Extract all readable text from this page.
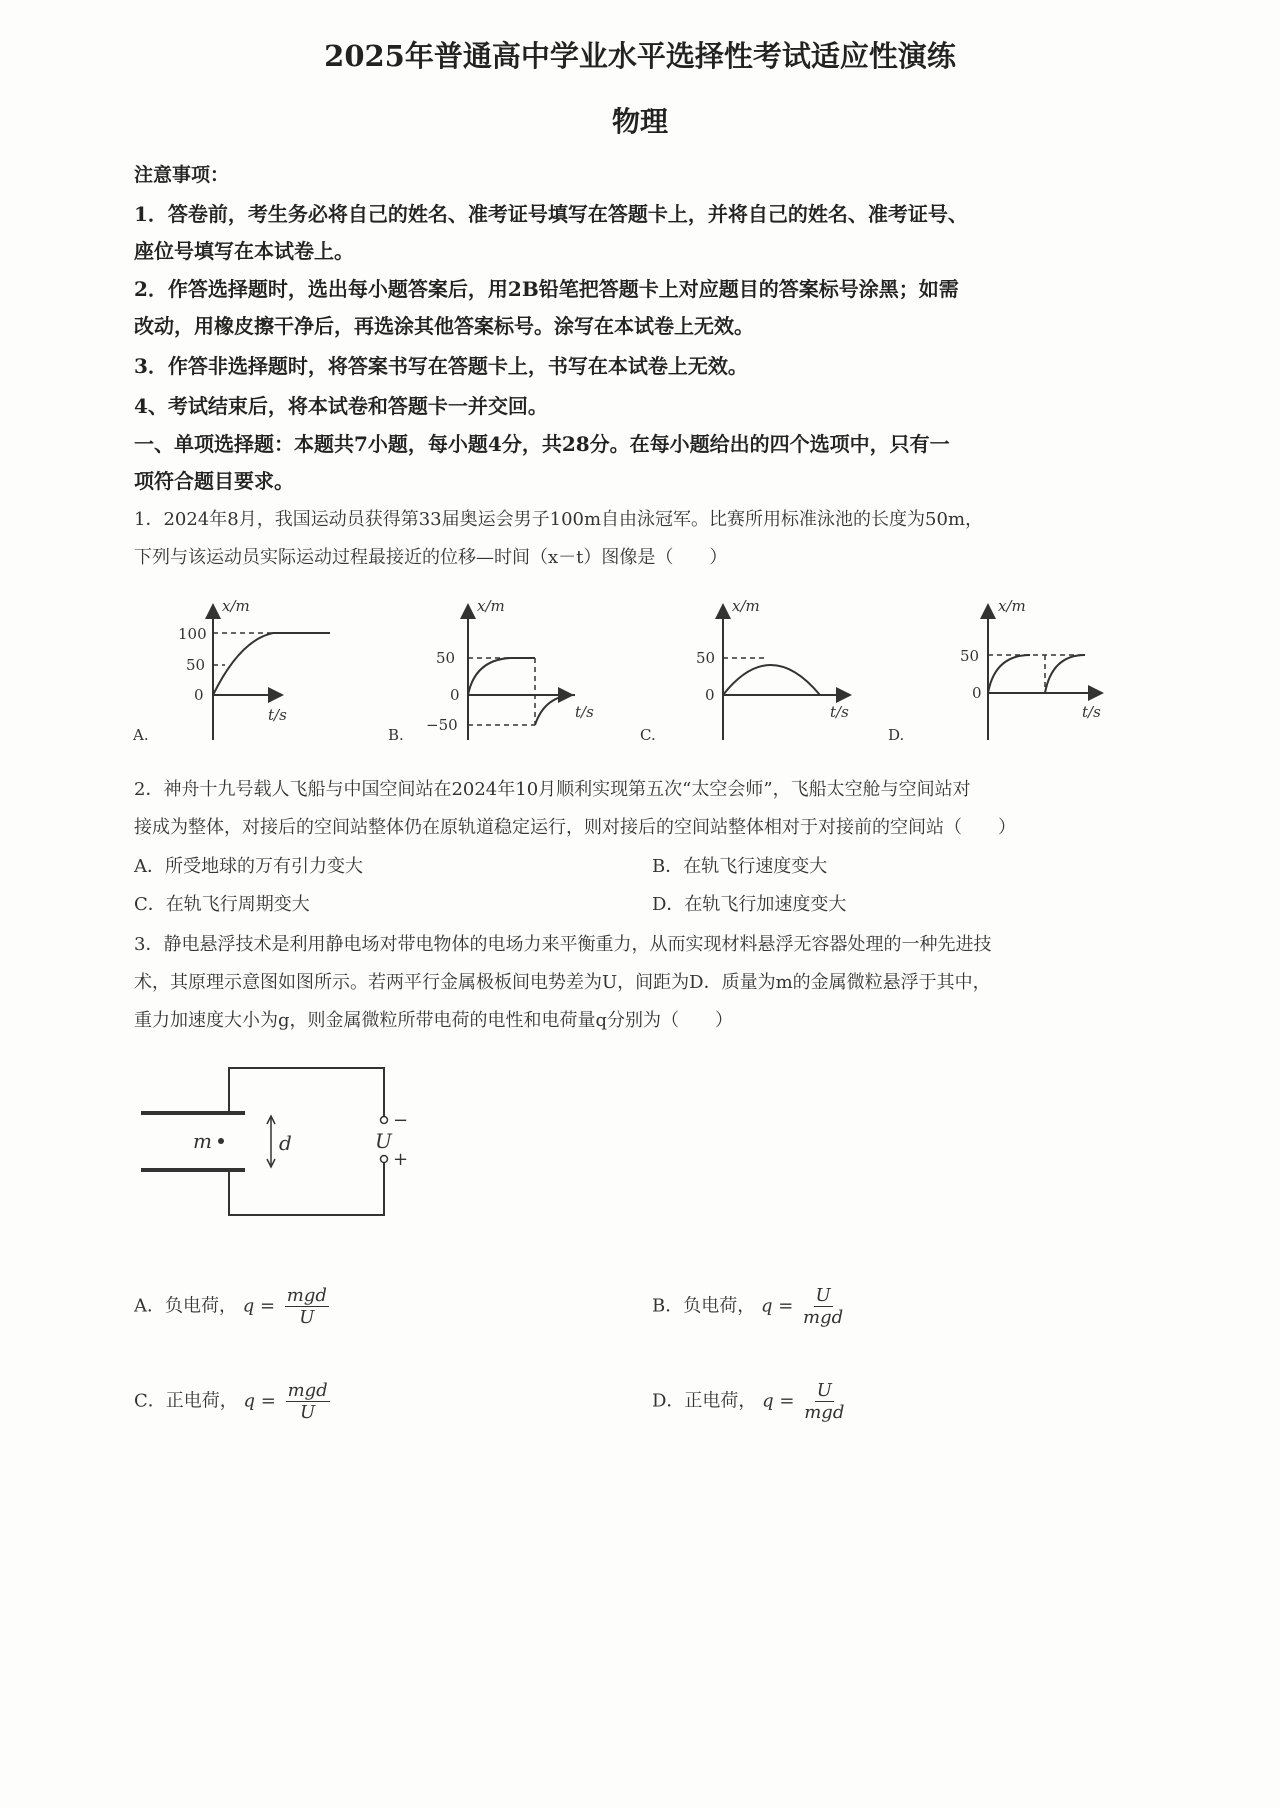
2025年普通高中学业水平选择性考试适应性演练
物理
注意事项：
1．答卷前，考生务必将自己的姓名、准考证号填写在答题卡上，并将自己的姓名、准考证号、
座位号填写在本试卷上。
2．作答选择题时，选出每小题答案后，用2B铅笔把答题卡上对应题目的答案标号涂黑；如需
改动，用橡皮擦干净后，再选涂其他答案标号。涂写在本试卷上无效。
3．作答非选择题时，将答案书写在答题卡上，书写在本试卷上无效。
4、考试结束后，将本试卷和答题卡一并交回。
一、单项选择题：本题共7小题，每小题4分，共28分。在每小题给出的四个选项中，只有一
项符合题目要求。
1．2024年8月，我国运动员获得第33届奥运会男子100m自由泳冠军。比赛所用标准泳池的长度为50m，
下列与该运动员实际运动过程最接近的位移—时间（x－t）图像是（　　）
x/m
100
50
0
t/s
A.
x/m
50
0
−50
t/s
B.
x/m
50
0
t/s
C.
x/m
50
0
t/s
D.
2．神舟十九号载人飞船与中国空间站在2024年10月顺利实现第五次“太空会师”，飞船太空舱与空间站对
接成为整体，对接后的空间站整体仍在原轨道稳定运行，则对接后的空间站整体相对于对接前的空间站（　　）
A．所受地球的万有引力变大	B．在轨飞行速度变大
C．在轨飞行周期变大	D．在轨飞行加速度变大
3．静电悬浮技术是利用静电场对带电物体的电场力来平衡重力，从而实现材料悬浮无容器处理的一种先进技
术，其原理示意图如图所示。若两平行金属极板间电势差为U，间距为D．质量为m的金属微粒悬浮于其中，
重力加速度大小为g，则金属微粒所带电荷的电性和电荷量q分别为（　　）
m	d	U
−
+
A．负电荷， $q = \frac{\text{mgd}}{U}$	B．负电荷， $q = \frac{U}{\text{mgd}}$
C．正电荷， $q = \frac{\text{mgd}}{U}$	D．正电荷， $q = \frac{U}{\text{mgd}}$
